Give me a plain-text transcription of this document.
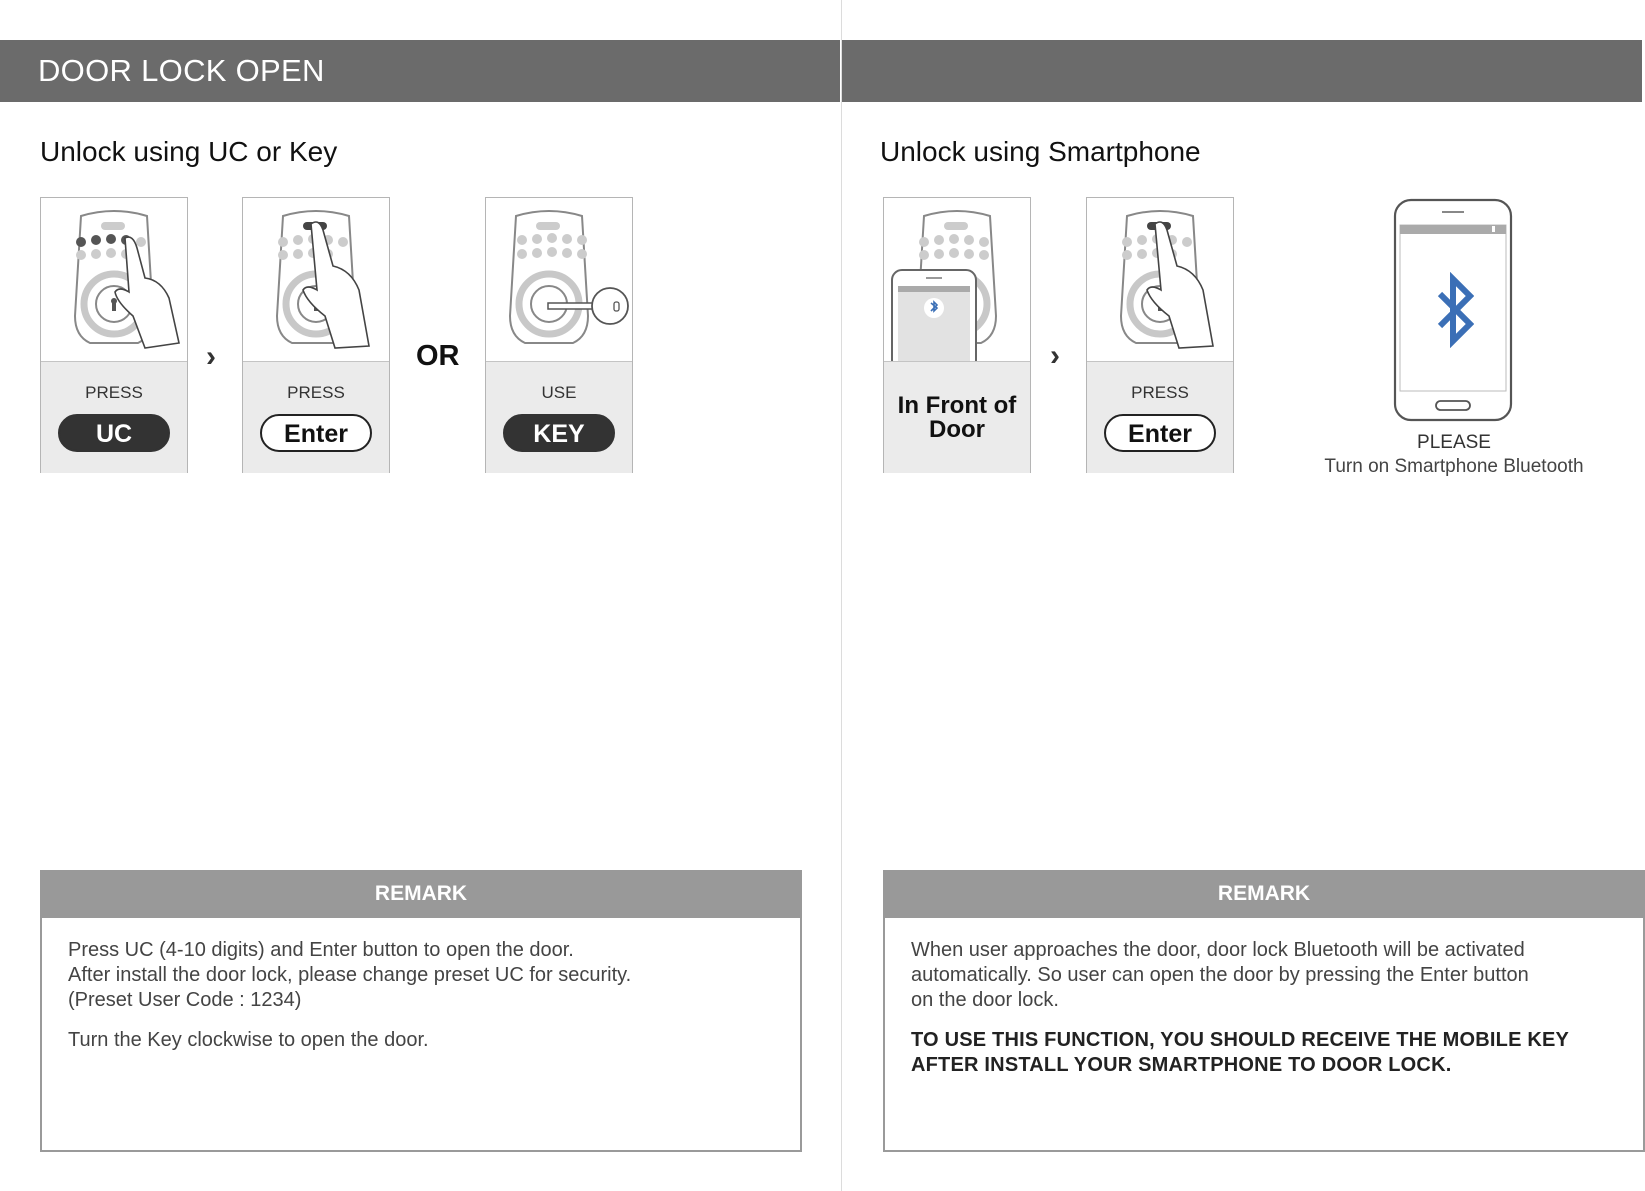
DOOR LOCK OPEN
Unlock using UC or Key
PRESS
UC
›
PRESS
Enter
OR
USE
KEY
Unlock using Smartphone
In Front of
Door
›
PRESS
Enter	PLEASE
Turn on Smartphone Bluetooth
REMARK

Press UC (4-10 digits) and Enter button to open the door.
After install the door lock, please change preset UC for security.
(Preset User Code : 1234)

Turn the Key clockwise to open the door.

REMARK

When user approaches the door, door lock Bluetooth will be activated
automatically. So user can open the door by pressing the Enter button
on the door lock.

TO USE THIS FUNCTION, YOU SHOULD RECEIVE THE MOBILE KEY
AFTER INSTALL YOUR SMARTPHONE TO DOOR LOCK.
